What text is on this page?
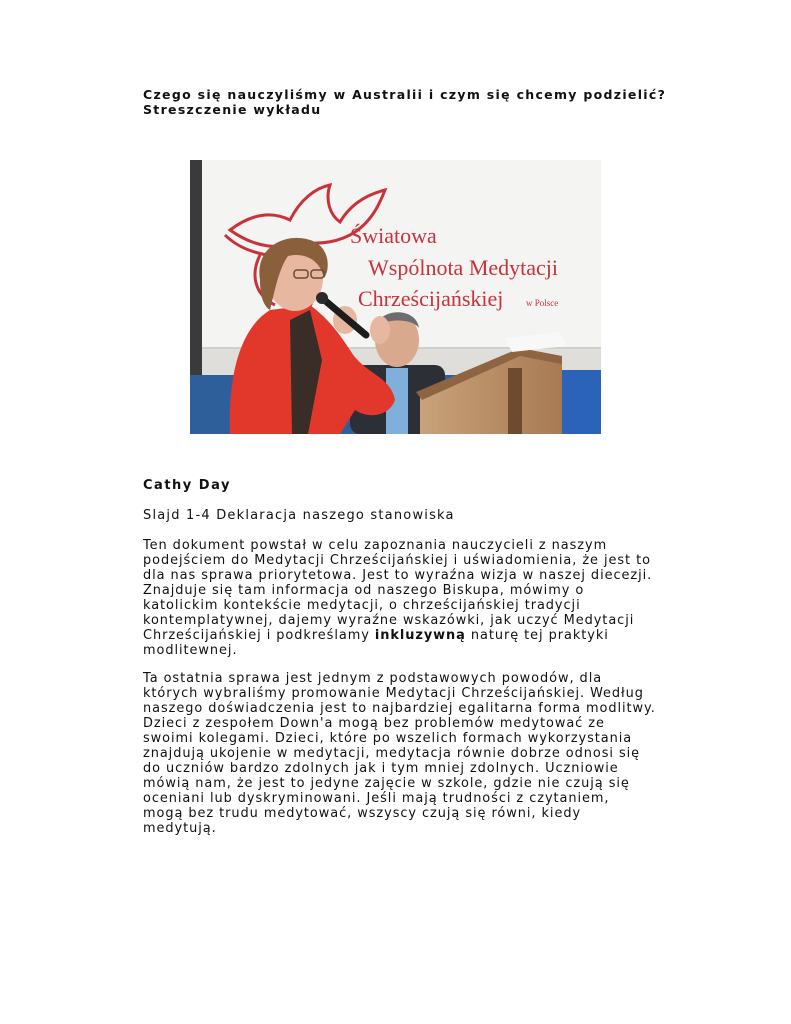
Czego się nauczyliśmy w Australii i czym się chcemy podzielić?
Streszczenie wykładu
Światowa
Wspólnota Medytacji
Chrześcijańskiej	w Polsce
Cathy Day
Slajd 1-4 Deklaracja naszego stanowiska
Ten dokument powstał w celu zapoznania nauczycieli z naszym
podejściem do Medytacji Chrześcijańskiej i uświadomienia, że jest to
dla nas sprawa priorytetowa. Jest to wyraźna wizja w naszej diecezji.
Znajduje się tam informacja od naszego Biskupa, mówimy o
katolickim kontekście medytacji, o chrześcijańskiej tradycji
kontemplatywnej, dajemy wyraźne wskazówki, jak uczyć Medytacji
Chrześcijańskiej i podkreślamy inkluzywną naturę tej praktyki
modlitewnej.
Ta ostatnia sprawa jest jednym z podstawowych powodów, dla
których wybraliśmy promowanie Medytacji Chrześcijańskiej. Według
naszego doświadczenia jest to najbardziej egalitarna forma modlitwy.
Dzieci z zespołem Down'a mogą bez problemów medytować ze
swoimi kolegami. Dzieci, które po wszelich formach wykorzystania
znajdują ukojenie w medytacji, medytacja równie dobrze odnosi się
do uczniów bardzo zdolnych jak i tym mniej zdolnych. Uczniowie
mówią nam, że jest to jedyne zajęcie w szkole, gdzie nie czują się
oceniani lub dyskryminowani. Jeśli mają trudności z czytaniem,
mogą bez trudu medytować, wszyscy czują się równi, kiedy
medytują.
